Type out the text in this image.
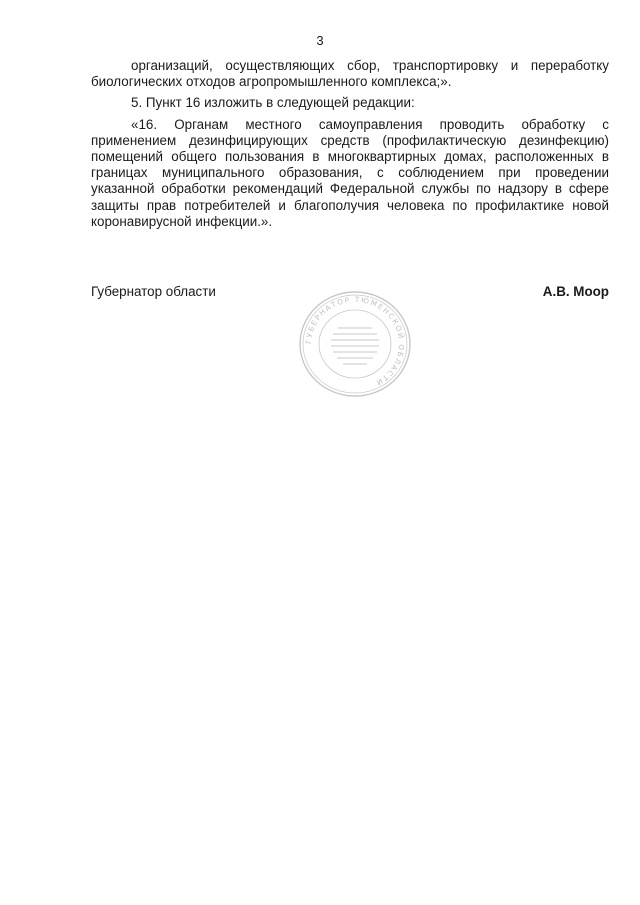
3

организаций, осуществляющих сбор, транспортировку и переработку биологических отходов агропромышленного комплекса;».

5. Пункт 16 изложить в следующей редакции:

«16. Органам местного самоуправления проводить обработку с применением дезинфицирующих средств (профилактическую дезинфекцию) помещений общего пользования в многоквартирных домах, расположенных в границах муниципального образования, с соблюдением при проведении указанной обработки рекомендаций Федеральной службы по надзору в сфере защиты прав потребителей и благополучия человека по профилактике новой коронавирусной инфекции.».

Губернатор области	А.В. Моор
ГУБЕРНАТОР ТЮМЕНСКОЙ ОБЛАСТИ
